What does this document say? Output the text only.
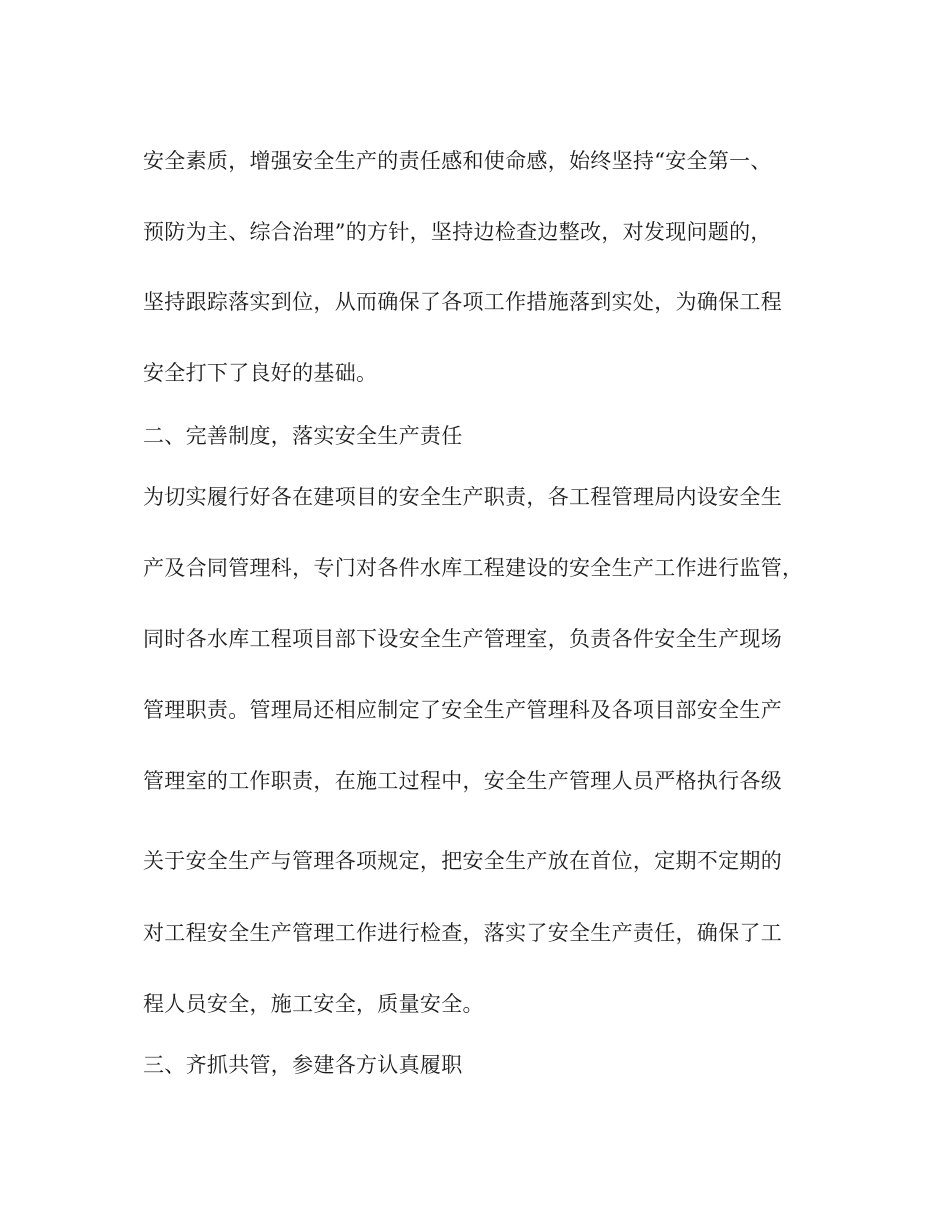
安全素质，增强安全生产的责任感和使命感，始终坚持“安全第一、
预防为主、综合治理”的方针，坚持边检查边整改，对发现问题的，
坚持跟踪落实到位，从而确保了各项工作措施落到实处，为确保工程
安全打下了良好的基础。
二、完善制度，落实安全生产责任
为切实履行好各在建项目的安全生产职责，各工程管理局内设安全生
产及合同管理科，专门对各件水库工程建设的安全生产工作进行监管，
同时各水库工程项目部下设安全生产管理室，负责各件安全生产现场
管理职责。管理局还相应制定了安全生产管理科及各项目部安全生产
管理室的工作职责，在施工过程中，安全生产管理人员严格执行各级
关于安全生产与管理各项规定，把安全生产放在首位，定期不定期的
对工程安全生产管理工作进行检查，落实了安全生产责任，确保了工
程人员安全，施工安全，质量安全。
三、齐抓共管，参建各方认真履职
